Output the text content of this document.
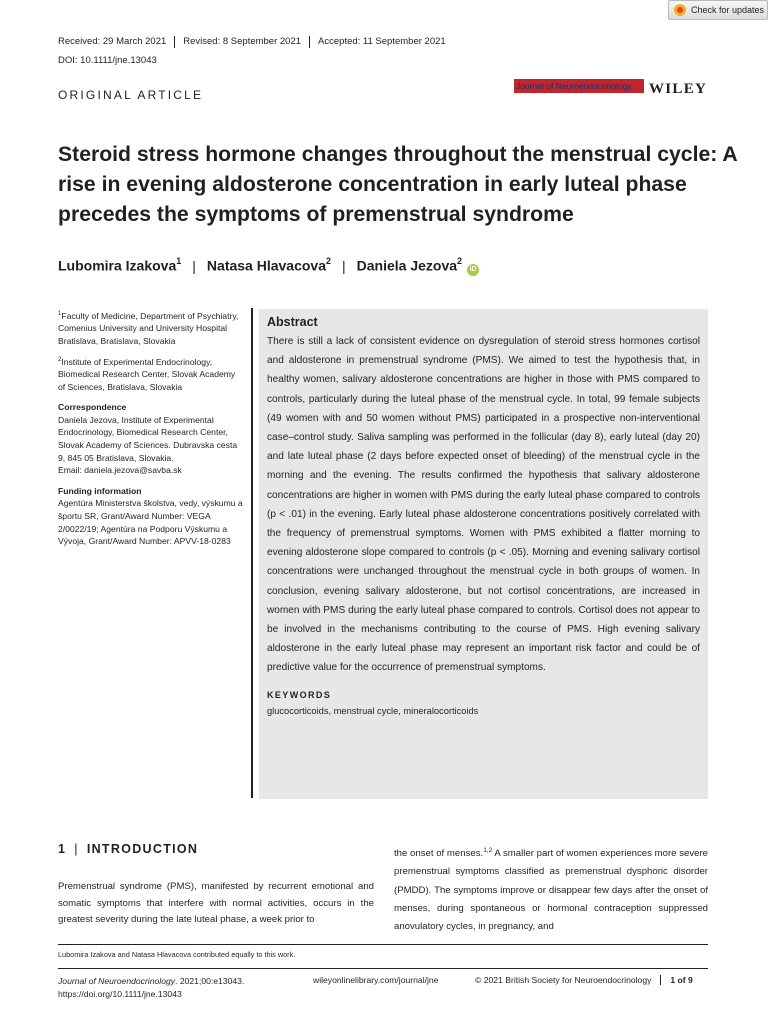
Check for updates
Received: 29 March 2021	Revised: 8 September 2021	Accepted: 11 September 2021
DOI: 10.1111/jne.13043
ORIGINAL ARTICLE
Journal of Neuroendocrinology	WILEY
Steroid stress hormone changes throughout the menstrual cycle: A rise in evening aldosterone concentration in early luteal phase precedes the symptoms of premenstrual syndrome
Lubomira Izakova$^1$ | Natasa Hlavacova$^2$ | Daniela Jezova$^2$
iD

$^1$Faculty of Medicine, Department of Psychiatry, Comenius University and University Hospital Bratislava, Bratislava, Slovakia

$^2$Institute of Experimental Endocrinology, Biomedical Research Center, Slovak Academy of Sciences, Bratislava, Slovakia

Correspondence

Daniela Jezova, Institute of Experimental Endocrinology, Biomedical Research Center, Slovak Academy of Sciences. Dubravska cesta 9, 845 05 Bratislava, Slovakia.

Email: daniela.jezova@savba.sk

Funding information

Agentúra Ministerstva školstva, vedy, výskumu a športu SR, Grant/Award Number: VEGA 2/0022/19; Agentúra na Podporu Výskumu a Vývoja, Grant/Award Number: APVV-18-0283

Abstract
There is still a lack of consistent evidence on dysregulation of steroid stress hormones cortisol and aldosterone in premenstrual syndrome (PMS). We aimed to test the hypothesis that, in healthy women, salivary aldosterone concentrations are higher in those with PMS compared to controls, particularly during the luteal phase of the menstrual cycle. In total, 99 female subjects (49 women with and 50 women without PMS) participated in a prospective non-interventional case–control study. Saliva sampling was performed in the follicular (day 8), early luteal (day 20) and late luteal phase (2 days before expected onset of bleeding) of the menstrual cycle in the morning and the evening. The results confirmed the hypothesis that salivary aldosterone concentrations are higher in women with PMS during the early luteal phase compared to controls (p < .01) in the evening. Early luteal phase aldosterone concentrations positively correlated with the frequency of premenstrual symptoms. Women with PMS exhibited a flatter morning to evening aldosterone slope compared to controls (p < .05). Morning and evening salivary cortisol concentrations were unchanged throughout the menstrual cycle in both groups of women. In conclusion, evening salivary aldosterone, but not cortisol concentrations, are increased in women with PMS during the early luteal phase compared to controls. Cortisol does not appear to be involved in the mechanisms contributing to the course of PMS. High evening salivary aldosterone in the early luteal phase may represent an important risk factor and could be of predictive value for the occurrence of premenstrual symptoms.
KEYWORDS
glucocorticoids, menstrual cycle, mineralocorticoids
1 | INTRODUCTION
Premenstrual syndrome (PMS), manifested by recurrent emotional and somatic symptoms that interfere with normal activities, occurs in the greatest severity during the late luteal phase, a week prior to
the onset of menses.$^{1,2}$ A smaller part of women experiences more severe premenstrual symptoms classified as premenstrual dysphoric disorder (PMDD). The symptoms improve or disappear few days after the onset of menses, during spontaneous or hormonal contraception suppressed anovulatory cycles, in pregnancy, and
Lubomira Izakova and Natasa Hlavacova contributed equally to this work.
Journal of Neuroendocrinology. 2021;00:e13043.
https://doi.org/10.1111/jne.13043
wileyonlinelibrary.com/journal/jne	© 2021 British Society for Neuroendocrinology	1 of 9
